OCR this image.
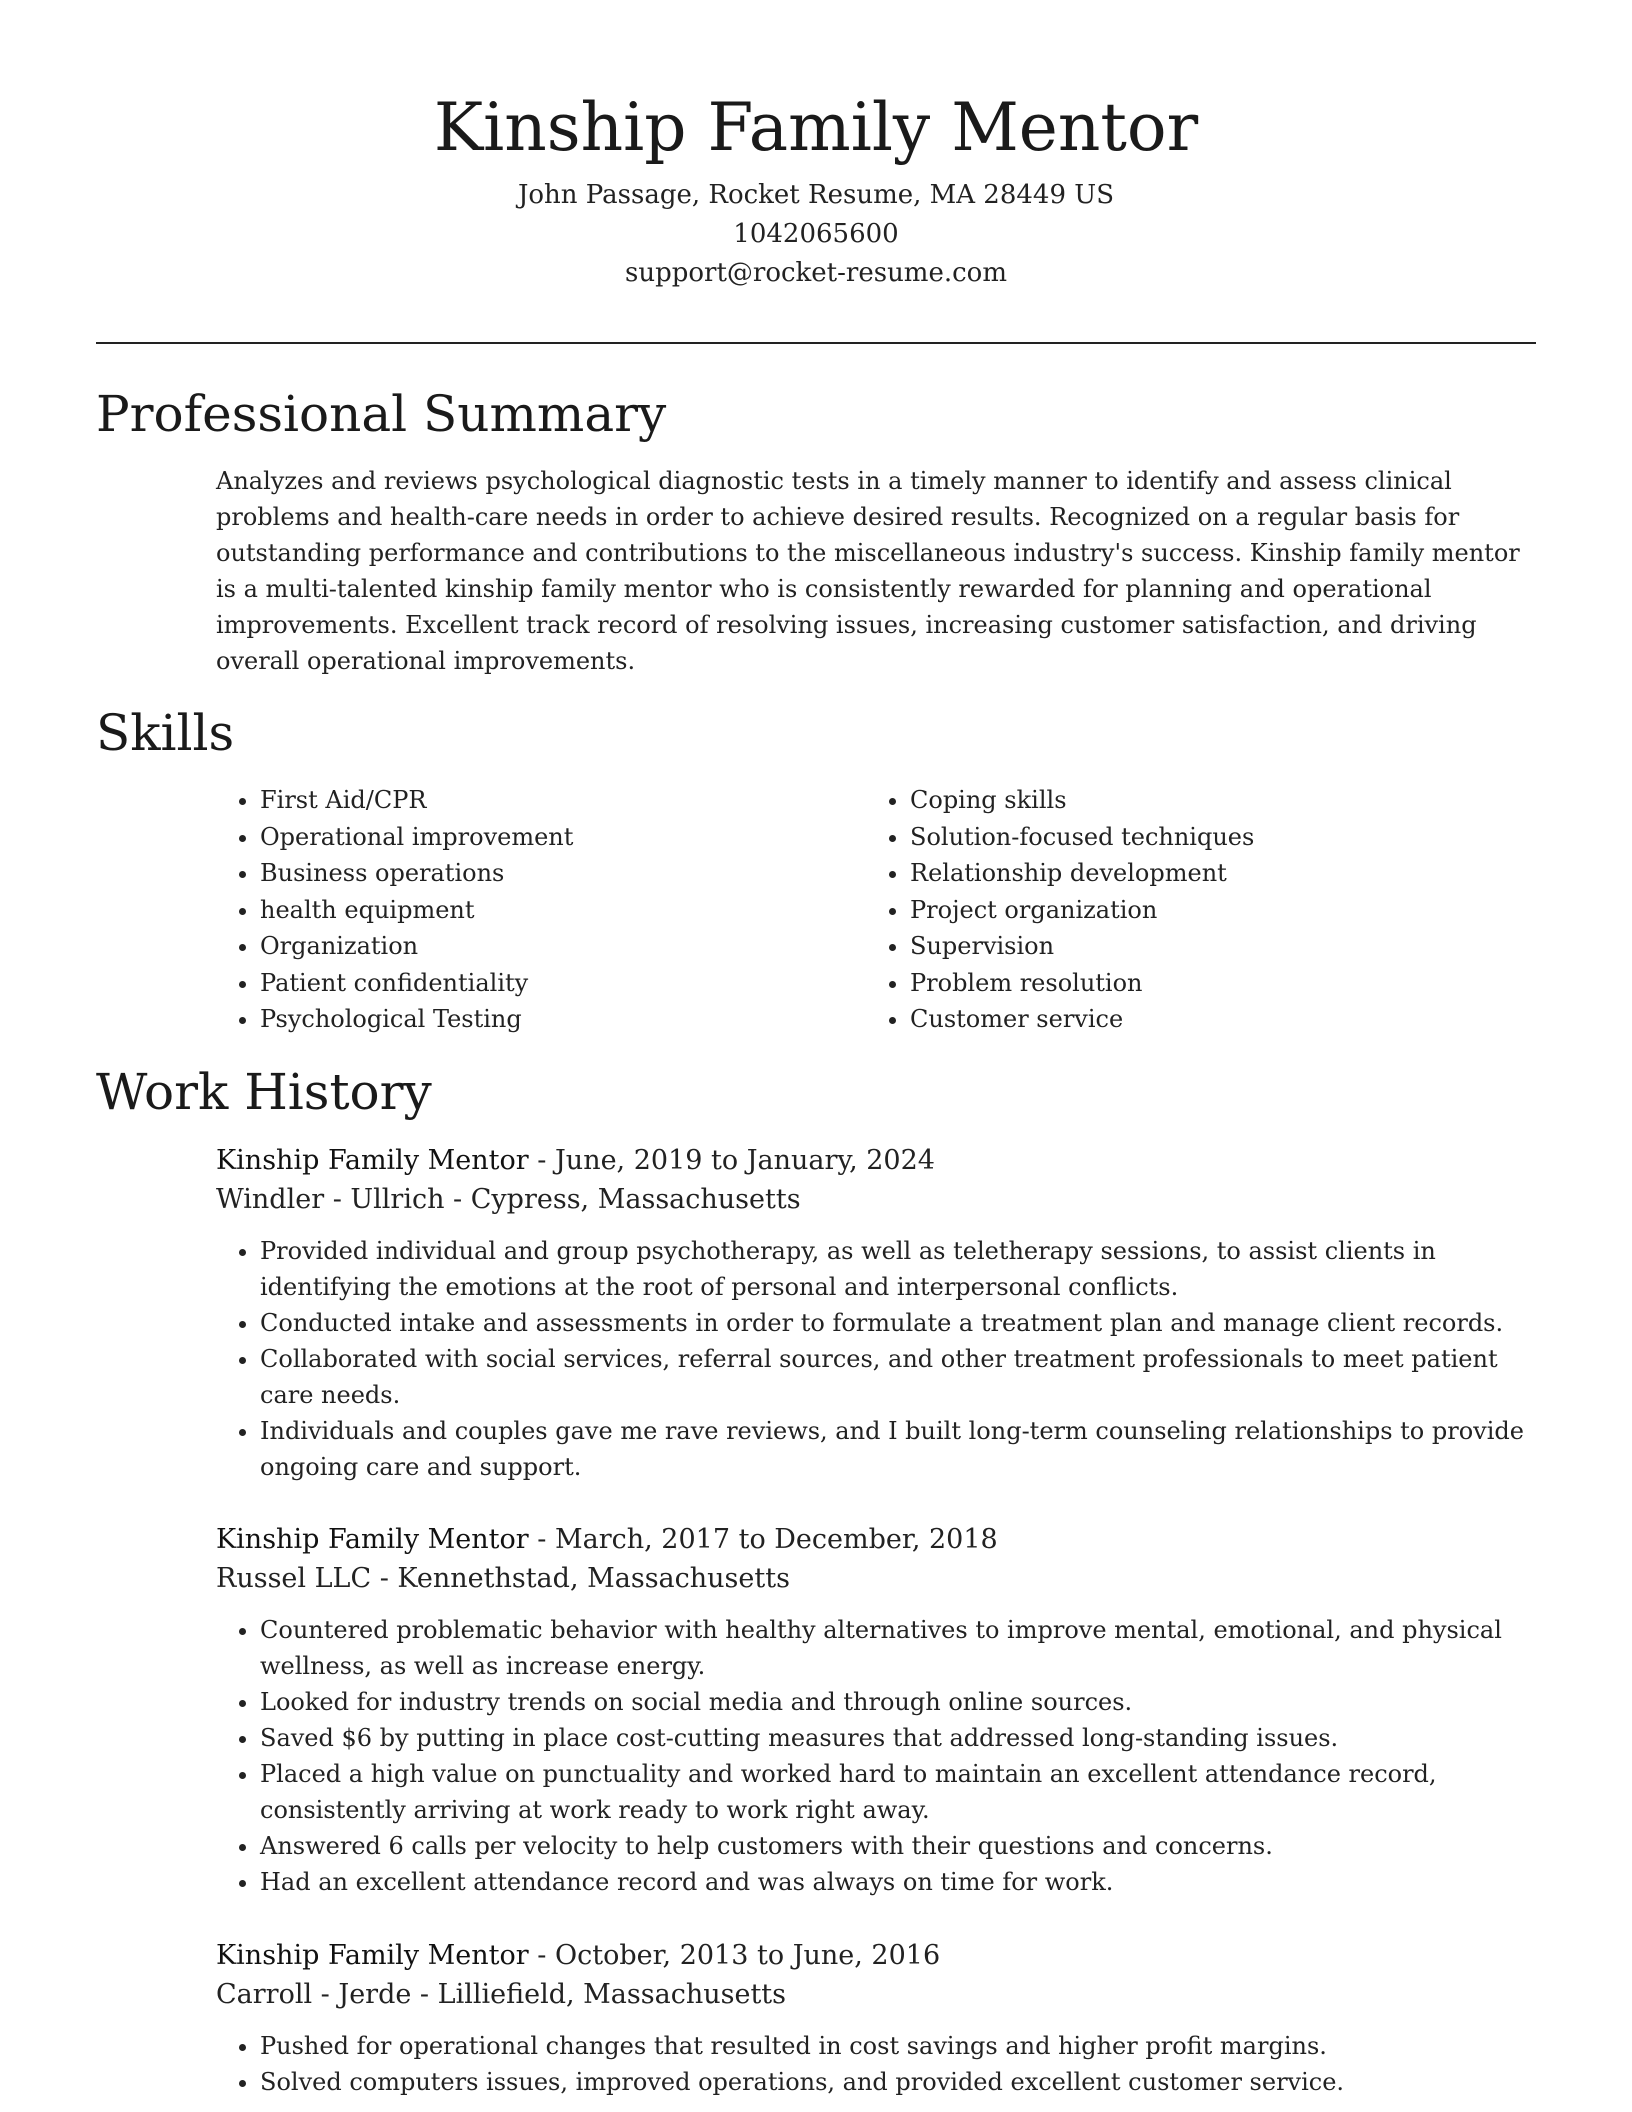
Kinship Family Mentor
John Passage, Rocket Resume, MA 28449 US
1042065600
support@rocket-resume.com
Professional Summary
Analyzes and reviews psychological diagnostic tests in a timely manner to identify and assess clinical problems and health-care needs in order to achieve desired results. Recognized on a regular basis for outstanding performance and contributions to the miscellaneous industry's success. Kinship family mentor is a multi-talented kinship family mentor who is consistently rewarded for planning and operational improvements. Excellent track record of resolving issues, increasing customer satisfaction, and driving overall operational improvements.
Skills
• First Aid/CPR
• Operational improvement
• Business operations
• health equipment
• Organization
• Patient confidentiality
• Psychological Testing
• Coping skills
• Solution-focused techniques
• Relationship development
• Project organization
• Supervision
• Problem resolution
• Customer service
Work History
Kinship Family Mentor - June, 2019 to January, 2024
Windler - Ullrich - Cypress, Massachusetts
• Provided individual and group psychotherapy, as well as teletherapy sessions, to assist clients in identifying the emotions at the root of personal and interpersonal conflicts.
• Conducted intake and assessments in order to formulate a treatment plan and manage client records.
• Collaborated with social services, referral sources, and other treatment professionals to meet patient care needs.
• Individuals and couples gave me rave reviews, and I built long-term counseling relationships to provide ongoing care and support.
Kinship Family Mentor - March, 2017 to December, 2018
Russel LLC - Kennethstad, Massachusetts
• Countered problematic behavior with healthy alternatives to improve mental, emotional, and physical wellness, as well as increase energy.
• Looked for industry trends on social media and through online sources.
• Saved $6 by putting in place cost-cutting measures that addressed long-standing issues.
• Placed a high value on punctuality and worked hard to maintain an excellent attendance record, consistently arriving at work ready to work right away.
• Answered 6 calls per velocity to help customers with their questions and concerns.
• Had an excellent attendance record and was always on time for work.
Kinship Family Mentor - October, 2013 to June, 2016
Carroll - Jerde - Lilliefield, Massachusetts
• Pushed for operational changes that resulted in cost savings and higher profit margins.
• Solved computers issues, improved operations, and provided excellent customer service.
